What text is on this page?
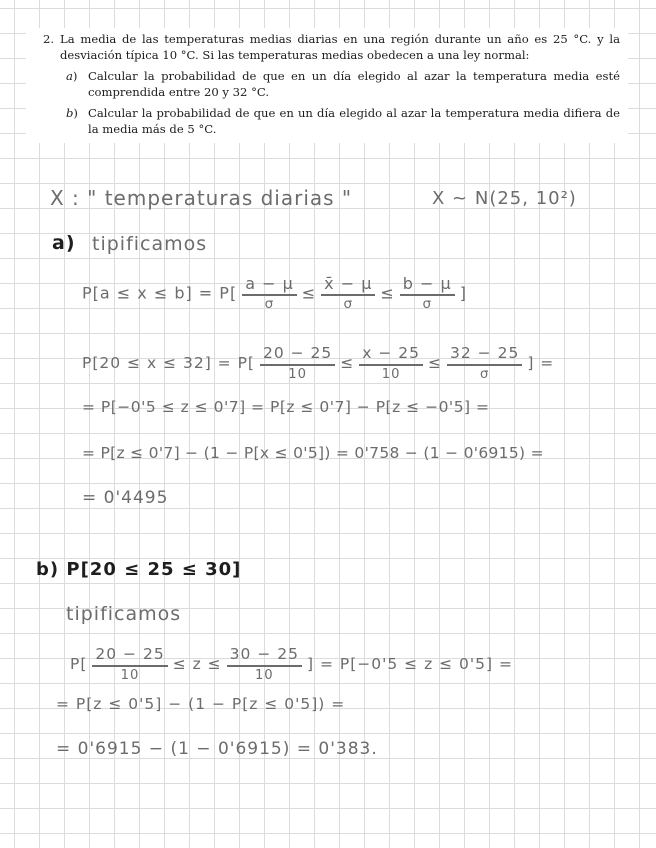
2. La media de las temperaturas medias diarias en una región durante un año es 25 °C. y la desviación típica 10 °C. Si las temperaturas medias obedecen a una ley normal:
a) Calcular la probabilidad de que en un día elegido al azar la temperatura media esté comprendida entre 20 y 32 °C.
b) Calcular la probabilidad de que en un día elegido al azar la temperatura media difiera de la media más de 5 °C.
X : " temperaturas diarias "	X ~ N(25, 10²)
a) tipificamos
$P[a \le x \le b] = P[ \frac{a - \mu}{\sigma} \le \frac{x̄ - \mu}{\sigma} \le \frac{b - \mu}{\sigma}$ ]
$P[20 \le x \le 32] = P[ \frac{20 - 25}{10} \le \frac{x - 25}{10} \le \frac{32 - 25}{\sigma}$ ] =
= P[−0'5 ≤ z ≤ 0'7] = P[z ≤ 0'7] − P[z ≤ −0'5] =
= P[z ≤ 0'7] − (1 − P[x ≤ 0'5]) = 0'758 − (1 − 0'6915) =
= 0'4495
b) P[20 ≤ 25 ≤ 30]
tipificamos
$P[ \frac{20 - 25}{10} \le z \le \frac{30 - 25}{10}$ ] = P[−0'5 ≤ z ≤ 0'5] =
= P[z ≤ 0'5] − (1 − P[z ≤ 0'5]) =
= 0'6915 − (1 − 0'6915) = 0'383.
